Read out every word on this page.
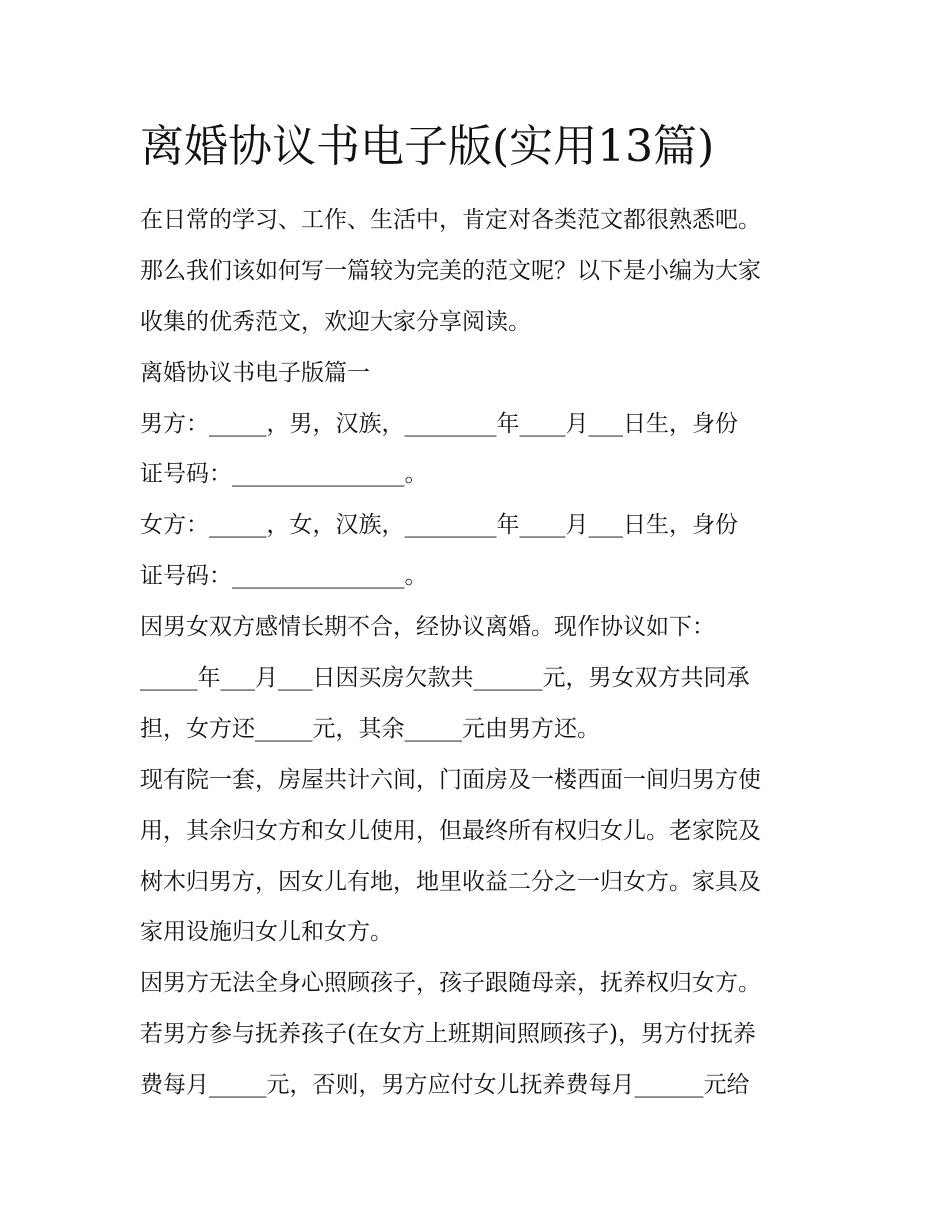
离婚协议书电子版(实用13篇)

在日常的学习、工作、生活中，肯定对各类范文都很熟悉吧。

那么我们该如何写一篇较为完美的范文呢？以下是小编为大家

收集的优秀范文，欢迎大家分享阅读。

离婚协议书电子版篇一

男方：_____，男，汉族，________年____月___日生，身份

证号码：_______________。

女方：_____，女，汉族，________年____月___日生，身份

证号码：_______________。

因男女双方感情长期不合，经协议离婚。现作协议如下：

_____年___月___日因买房欠款共______元，男女双方共同承

担，女方还_____元，其余_____元由男方还。

现有院一套，房屋共计六间，门面房及一楼西面一间归男方使

用，其余归女方和女儿使用，但最终所有权归女儿。老家院及

树木归男方，因女儿有地，地里收益二分之一归女方。家具及

家用设施归女儿和女方。

因男方无法全身心照顾孩子，孩子跟随母亲，抚养权归女方。

若男方参与抚养孩子(在女方上班期间照顾孩子)，男方付抚养

费每月_____元，否则，男方应付女儿抚养费每月______元给
